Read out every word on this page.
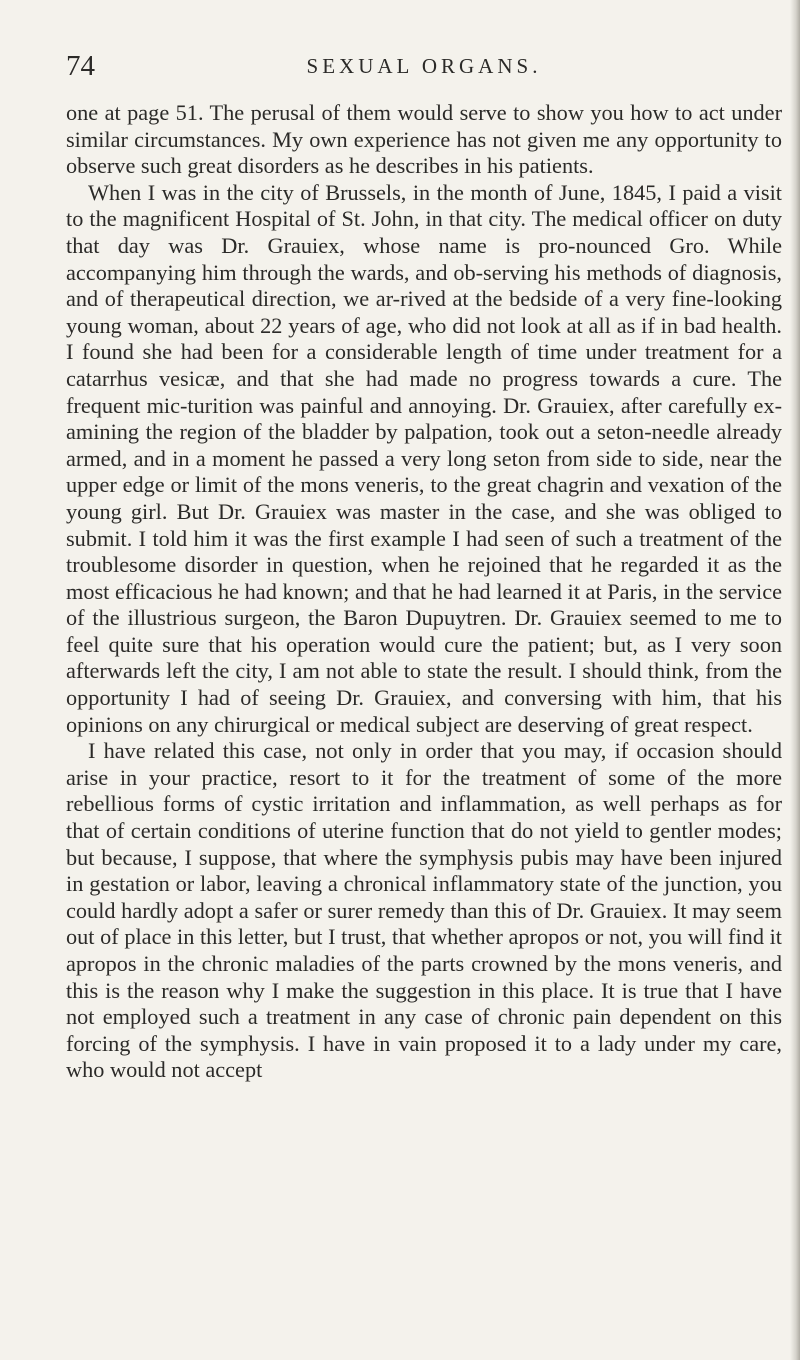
74	SEXUAL ORGANS.

one at page 51. The perusal of them would serve to show you how to act under similar circumstances. My own experience has not given me any opportunity to observe such great disorders as he describes in his patients.

When I was in the city of Brussels, in the month of June, 1845, I paid a visit to the magnificent Hospital of St. John, in that city. The medical officer on duty that day was Dr. Grauiex, whose name is pro-nounced Gro. While accompanying him through the wards, and ob-serving his methods of diagnosis, and of therapeutical direction, we ar-rived at the bedside of a very fine-looking young woman, about 22 years of age, who did not look at all as if in bad health. I found she had been for a considerable length of time under treatment for a catarrhus vesicæ, and that she had made no progress towards a cure. The frequent mic-turition was painful and annoying. Dr. Grauiex, after carefully ex-amining the region of the bladder by palpation, took out a seton-needle already armed, and in a moment he passed a very long seton from side to side, near the upper edge or limit of the mons veneris, to the great chagrin and vexation of the young girl. But Dr. Grauiex was master in the case, and she was obliged to submit. I told him it was the first example I had seen of such a treatment of the troublesome disorder in question, when he rejoined that he regarded it as the most efficacious he had known; and that he had learned it at Paris, in the service of the illustrious surgeon, the Baron Dupuytren. Dr. Grauiex seemed to me to feel quite sure that his operation would cure the patient; but, as I very soon afterwards left the city, I am not able to state the result. I should think, from the opportunity I had of seeing Dr. Grauiex, and conversing with him, that his opinions on any chirurgical or medical subject are deserving of great respect.

I have related this case, not only in order that you may, if occasion should arise in your practice, resort to it for the treatment of some of the more rebellious forms of cystic irritation and inflammation, as well perhaps as for that of certain conditions of uterine function that do not yield to gentler modes; but because, I suppose, that where the symphysis pubis may have been injured in gestation or labor, leaving a chronical inflammatory state of the junction, you could hardly adopt a safer or surer remedy than this of Dr. Grauiex. It may seem out of place in this letter, but I trust, that whether apropos or not, you will find it apropos in the chronic maladies of the parts crowned by the mons veneris, and this is the reason why I make the suggestion in this place. It is true that I have not employed such a treatment in any case of chronic pain dependent on this forcing of the symphysis. I have in vain proposed it to a lady under my care, who would not accept
